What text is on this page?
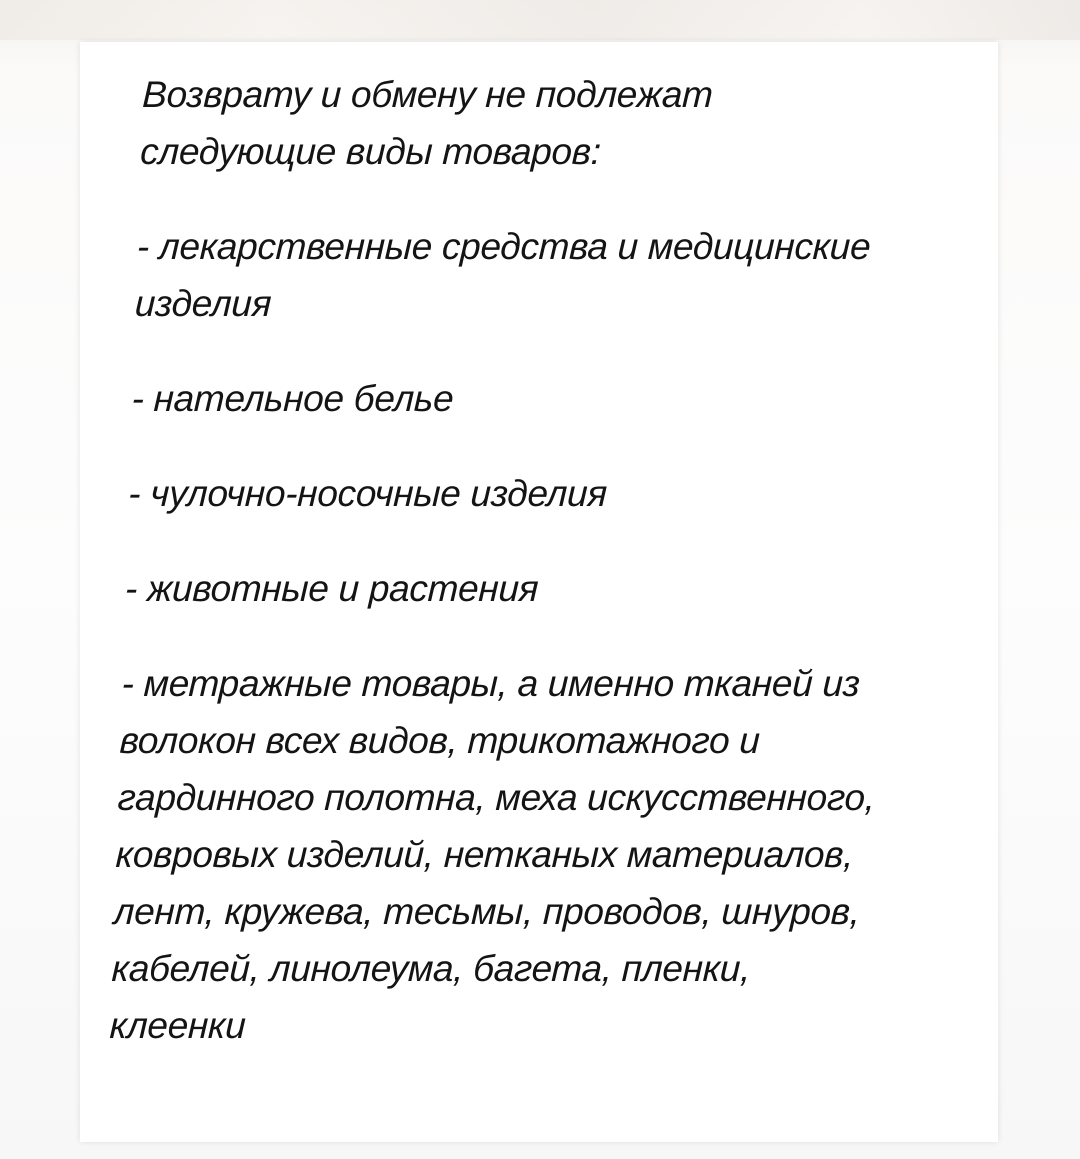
Возврату и обмену не подлежат
следующие виды товаров:

- лекарственные средства и медицинские
изделия

- нательное белье

- чулочно-носочные изделия

- животные и растения

- метражные товары, а именно тканей из
волокон всех видов, трикотажного и
гардинного полотна, меха искусственного,
ковровых изделий, нетканых материалов,
лент, кружева, тесьмы, проводов, шнуров,
кабелей, линолеума, багета, пленки,
клеенки
